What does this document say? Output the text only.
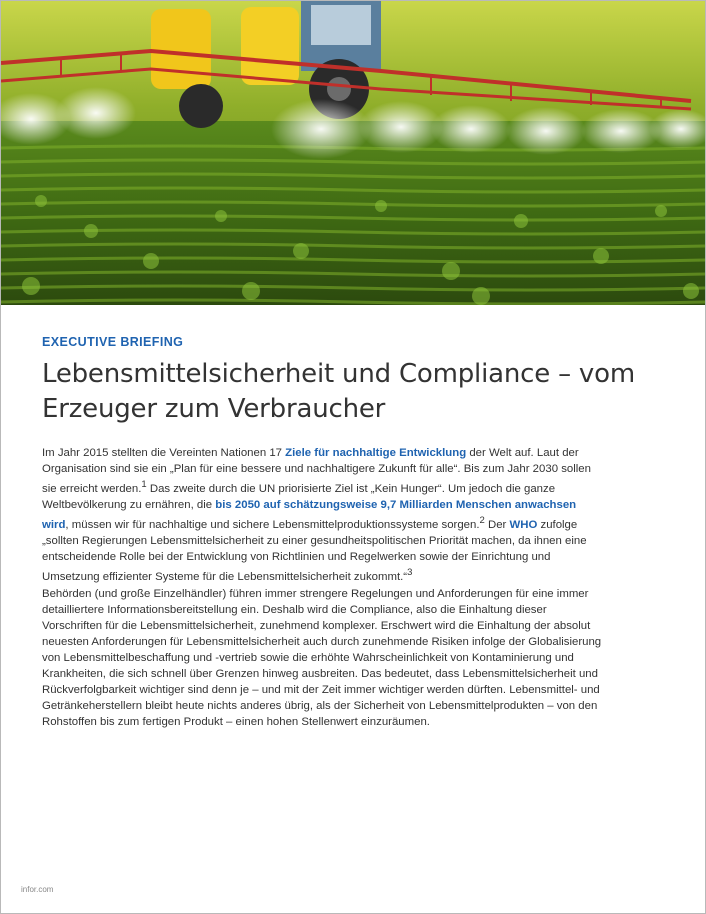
EXECUTIVE BRIEFING
Lebensmittelsicherheit und Compliance – vom Erzeuger zum Verbraucher

Im Jahr 2015 stellten die Vereinten Nationen 17 Ziele für nachhaltige Entwicklung der Welt auf. Laut der Organisation sind sie ein „Plan für eine bessere und nachhaltigere Zukunft für alle“. Bis zum Jahr 2030 sollen sie erreicht werden.$^1$ Das zweite durch die UN priorisierte Ziel ist „Kein Hunger“. Um jedoch die ganze Weltbevölkerung zu ernähren, die bis 2050 auf schätzungsweise 9,7 Milliarden Menschen anwachsen wird, müssen wir für nachhaltige und sichere Lebensmittelproduktionssysteme sorgen.$^2$ Der WHO zufolge „sollten Regierungen Lebensmittelsicherheit zu einer gesundheitspolitischen Priorität machen, da ihnen eine entscheidende Rolle bei der Entwicklung von Richtlinien und Regelwerken sowie der Einrichtung und Umsetzung effizienter Systeme für die Lebensmittelsicherheit zukommt.“$^3$

Behörden (und große Einzelhändler) führen immer strengere Regelungen und Anforderungen für eine immer detailliertere Informationsbereitstellung ein. Deshalb wird die Compliance, also die Einhaltung dieser Vorschriften für die Lebensmittelsicherheit, zunehmend komplexer. Erschwert wird die Einhaltung der absolut neuesten Anforderungen für Lebensmittelsicherheit auch durch zunehmende Risiken infolge der Globalisierung von Lebensmittelbeschaffung und -vertrieb sowie die erhöhte Wahrscheinlichkeit von Kontaminierung und Krankheiten, die sich schnell über Grenzen hinweg ausbreiten. Das bedeutet, dass Lebensmittelsicherheit und Rückverfolgbarkeit wichtiger sind denn je – und mit der Zeit immer wichtiger werden dürften. Lebensmittel- und Getränkeherstellern bleibt heute nichts anderes übrig, als der Sicherheit von Lebensmittelprodukten – von den Rohstoffen bis zum fertigen Produkt – einen hohen Stellenwert einzuräumen.

infor.com
